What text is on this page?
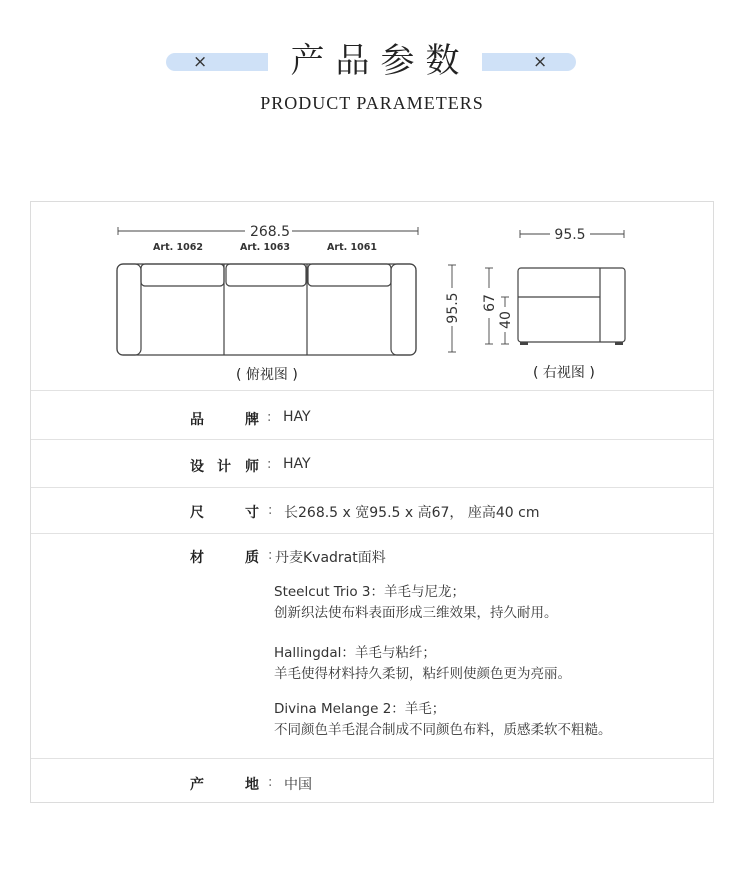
×	×
产品参数
PRODUCT PARAMETERS
268.5
Art. 1062	Art. 1063	Art. 1061
95.5
95.5
67
40
( 俯视图 )	( 右视图 )
品	牌 : HAY
设 计 师 : HAY
尺	寸 : 长268.5 x 宽95.5 x 高67， 座高40 cm
材	质 : 丹麦Kvadrat面料
Steelcut Trio 3：羊毛与尼龙；
创新织法使布料表面形成三维效果，持久耐用。
Hallingdal：羊毛与粘纤；
羊毛使得材料持久柔韧，粘纤则使颜色更为亮丽。
Divina Melange 2：羊毛；
不同颜色羊毛混合制成不同颜色布料，质感柔软不粗糙。
产	地 : 中国
